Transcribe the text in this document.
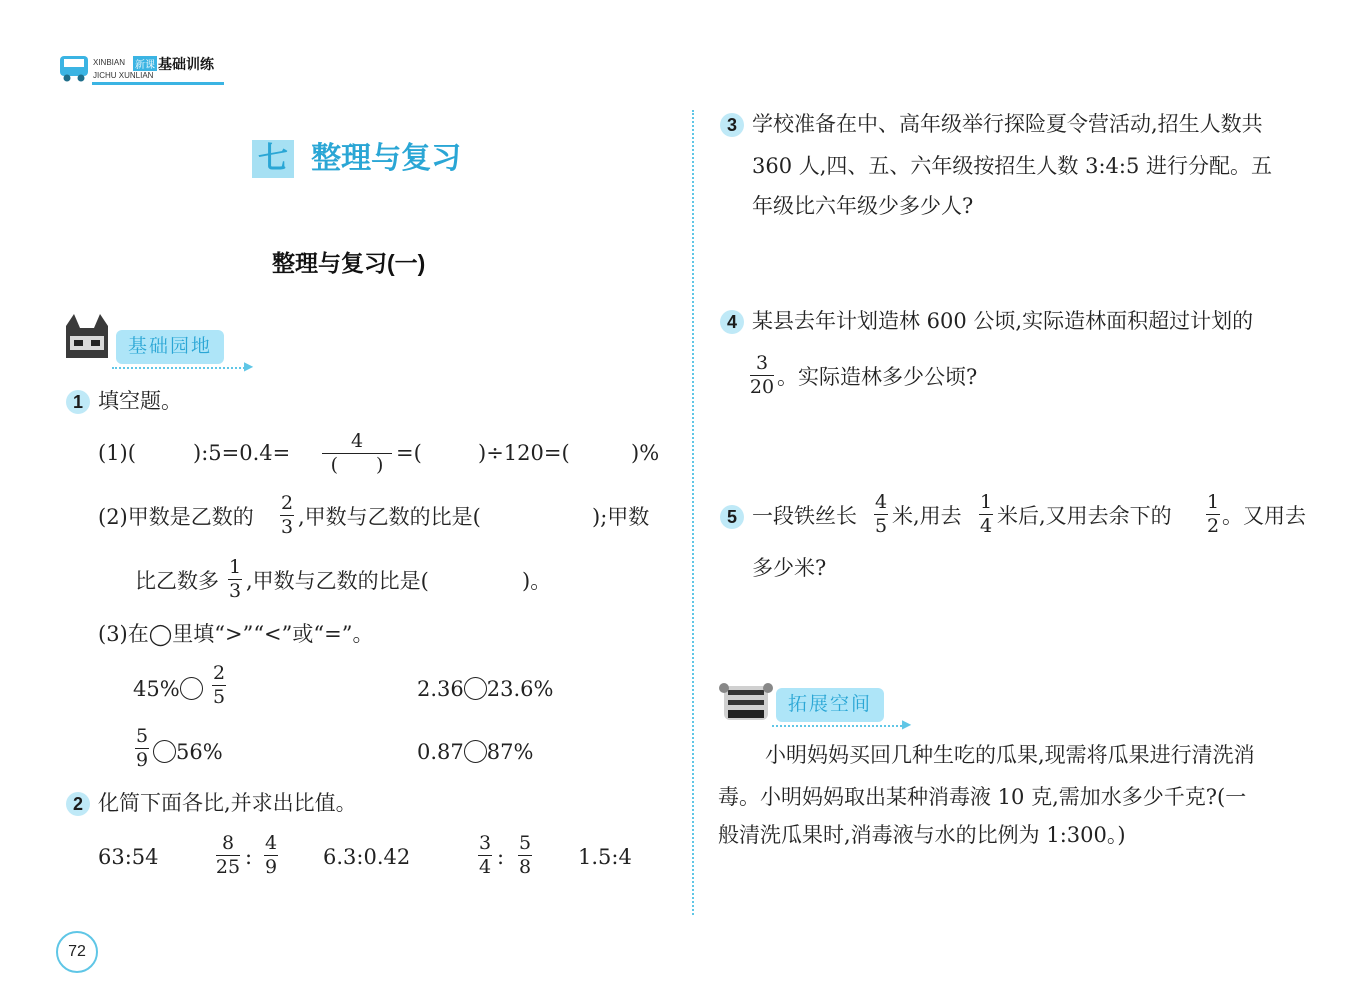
XINBIAN 新课 基础训练
JICHU XUNLIAN
七 整理与复习
整理与复习(一)
基础园地
▶
1 填空题。
(1)(	):5=0.4=	4
(　　) =(	)÷120=(	)%
(2)甲数是乙数的
2
3 ,甲数与乙数的比是(	);甲数
比乙数多
1
3 ,甲数与乙数的比是(	)。
(3)在◯里填“>”“<”或“=”。
45%
2
5	2.36 23.6%
5
9	56%	0.87 87%
2 化简下面各比,并求出比值。
63:54
8
25 :
4
9 6.3:0.42
3
4 :
5
8 1.5:4
72
3 学校准备在中、高年级举行探险夏令营活动,招生人数共
360 人,四、五、六年级按招生人数 3:4:5 进行分配。五
年级比六年级少多少人?
4 某县去年计划造林 600 公顷,实际造林面积超过计划的
3
20 。实际造林多少公顷?
5 一段铁丝长
4
5 米,用去
1
4 米后,又用去余下的
1
2 。又用去
多少米?
拓展空间
▶
小明妈妈买回几种生吃的瓜果,现需将瓜果进行清洗消
毒。小明妈妈取出某种消毒液 10 克,需加水多少千克?(一
般清洗瓜果时,消毒液与水的比例为 1:300。)
